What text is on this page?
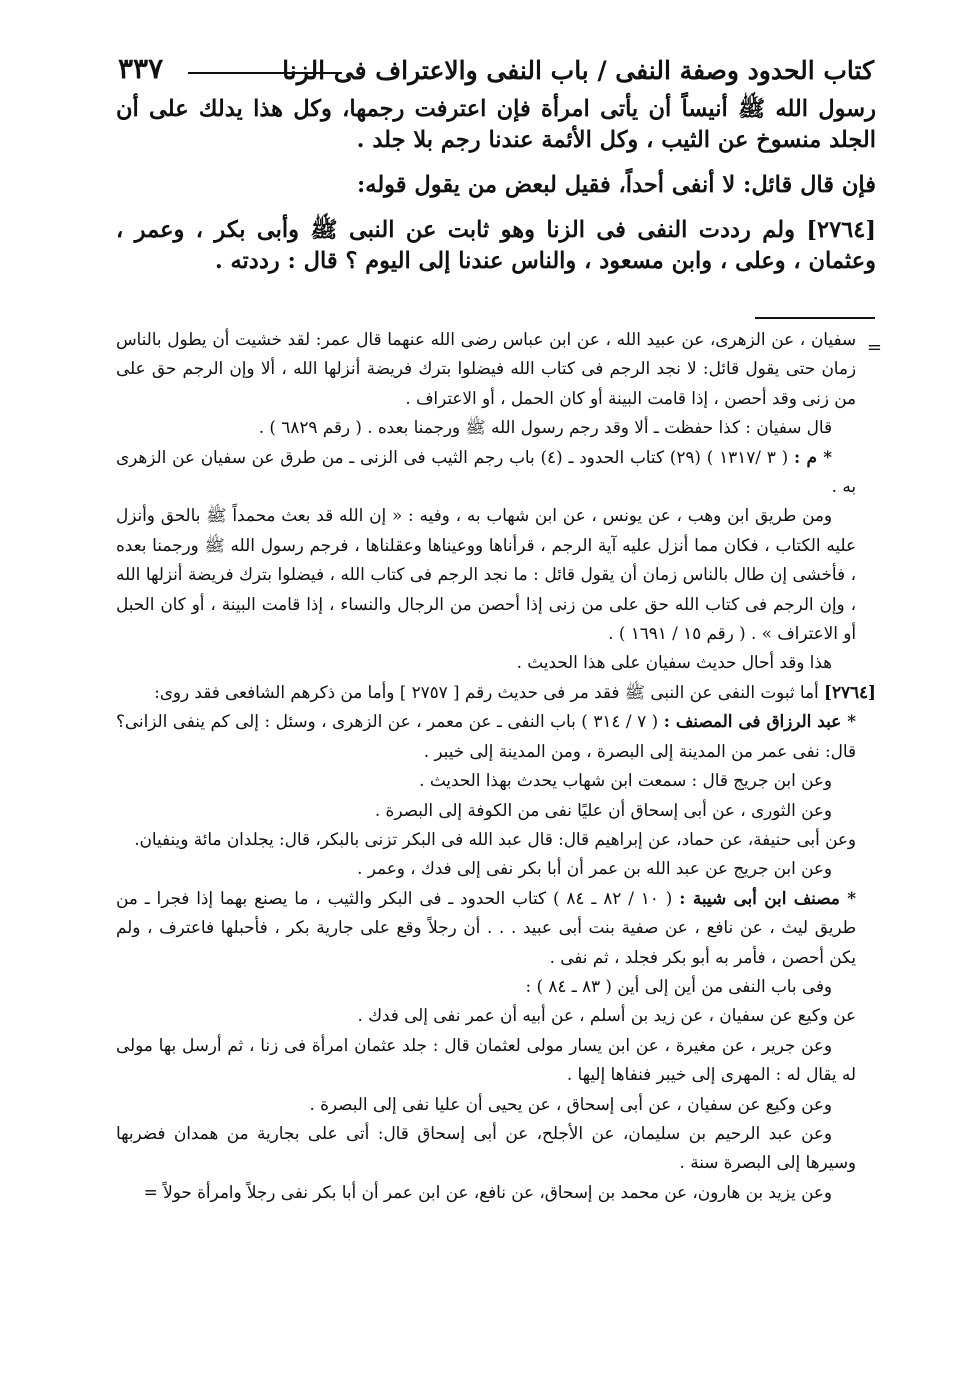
كتاب الحدود وصفة النفى / باب النفى والاعتراف فى الزنا
٣٣٧

رسول الله ﷺ أنيساً أن يأتى امرأة فإن اعترفت رجمها، وكل هذا يدلك على أن الجلد منسوخ عن الثيب ، وكل الأئمة عندنا رجم بلا جلد .

فإن قال قائل: لا أنفى أحداً، فقيل لبعض من يقول قوله:

[٢٧٦٤] ولم رددت النفى فى الزنا وهو ثابت عن النبى ﷺ وأبى بكر ، وعمر ، وعثمان ، وعلى ، وابن مسعود ، والناس عندنا إلى اليوم ؟ قال : رددته .

=

سفيان ، عن الزهرى، عن عبيد الله ، عن ابن عباس رضى الله عنهما قال عمر: لقد خشيت أن يطول بالناس زمان حتى يقول قائل: لا نجد الرجم فى كتاب الله فيضلوا بترك فريضة أنزلها الله ، ألا وإن الرجم حق على من زنى وقد أحصن ، إذا قامت البينة أو كان الحمل ، أو الاعتراف .

قال سفيان : كذا حفظت ـ ألا وقد رجم رسول الله ﷺ ورجمنا بعده . ( رقم ٦٨٢٩ ) .

* م : ( ٣ /١٣١٧ ) (٢٩) كتاب الحدود ـ (٤) باب رجم الثيب فى الزنى ـ من طرق عن سفيان عن الزهرى به .

ومن طريق ابن وهب ، عن يونس ، عن ابن شهاب به ، وفيه : « إن الله قد بعث محمداً ﷺ بالحق وأنزل عليه الكتاب ، فكان مما أنزل عليه آية الرجم ، قرأناها ووعيناها وعقلناها ، فرجم رسول الله ﷺ ورجمنا بعده ، فأخشى إن طال بالناس زمان أن يقول قائل : ما نجد الرجم فى كتاب الله ، فيضلوا بترك فريضة أنزلها الله ، وإن الرجم فى كتاب الله حق على من زنى إذا أحصن من الرجال والنساء ، إذا قامت البينة ، أو كان الحبل أو الاعتراف » . ( رقم ١٥ / ١٦٩١ ) .

هذا وقد أحال حديث سفيان على هذا الحديث .

[٢٧٦٤] أما ثبوت النفى عن النبى ﷺ فقد مر فى حديث رقم [ ٢٧٥٧ ] وأما من ذكرهم الشافعى فقد روى:

* عبد الرزاق فى المصنف : ( ٧ / ٣١٤ ) باب النفى ـ عن معمر ، عن الزهرى ، وسئل : إلى كم ينفى الزانى؟ قال: نفى عمر من المدينة إلى البصرة ، ومن المدينة إلى خيبر .

وعن ابن جريج قال : سمعت ابن شهاب يحدث بهذا الحديث .

وعن الثورى ، عن أبى إسحاق أن عليًا نفى من الكوفة إلى البصرة .

وعن أبى حنيفة، عن حماد، عن إبراهيم قال: قال عبد الله فى البكر تزنى بالبكر، قال: يجلدان مائة وينفيان.

وعن ابن جريج عن عبد الله بن عمر أن أبا بكر نفى إلى فدك ، وعمر .

* مصنف ابن أبى شيبة : ( ١٠ / ٨٢ ـ ٨٤ ) كتاب الحدود ـ فى البكر والثيب ، ما يصنع بهما إذا فجرا ـ من طريق ليث ، عن نافع ، عن صفية بنت أبى عبيد . . . أن رجلاً وقع على جارية بكر ، فأحبلها فاعترف ، ولم يكن أحصن ، فأمر به أبو بكر فجلد ، ثم نفى .

وفى باب النفى من أين إلى أين ( ٨٣ ـ ٨٤ ) :

عن وكيع عن سفيان ، عن زيد بن أسلم ، عن أبيه أن عمر نفى إلى فدك .

وعن جرير ، عن مغيرة ، عن ابن يسار مولى لعثمان قال : جلد عثمان امرأة فى زنا ، ثم أرسل بها مولى له يقال له : المهرى إلى خيبر فنفاها إليها .

وعن وكيع عن سفيان ، عن أبى إسحاق ، عن يحيى أن عليا نفى إلى البصرة .

وعن عبد الرحيم بن سليمان، عن الأجلح، عن أبى إسحاق قال: أتى على بجارية من همدان فضربها وسيرها إلى البصرة سنة .

وعن يزيد بن هارون، عن محمد بن إسحاق، عن نافع، عن ابن عمر أن أبا بكر نفى رجلاً وامرأة حولاً =
